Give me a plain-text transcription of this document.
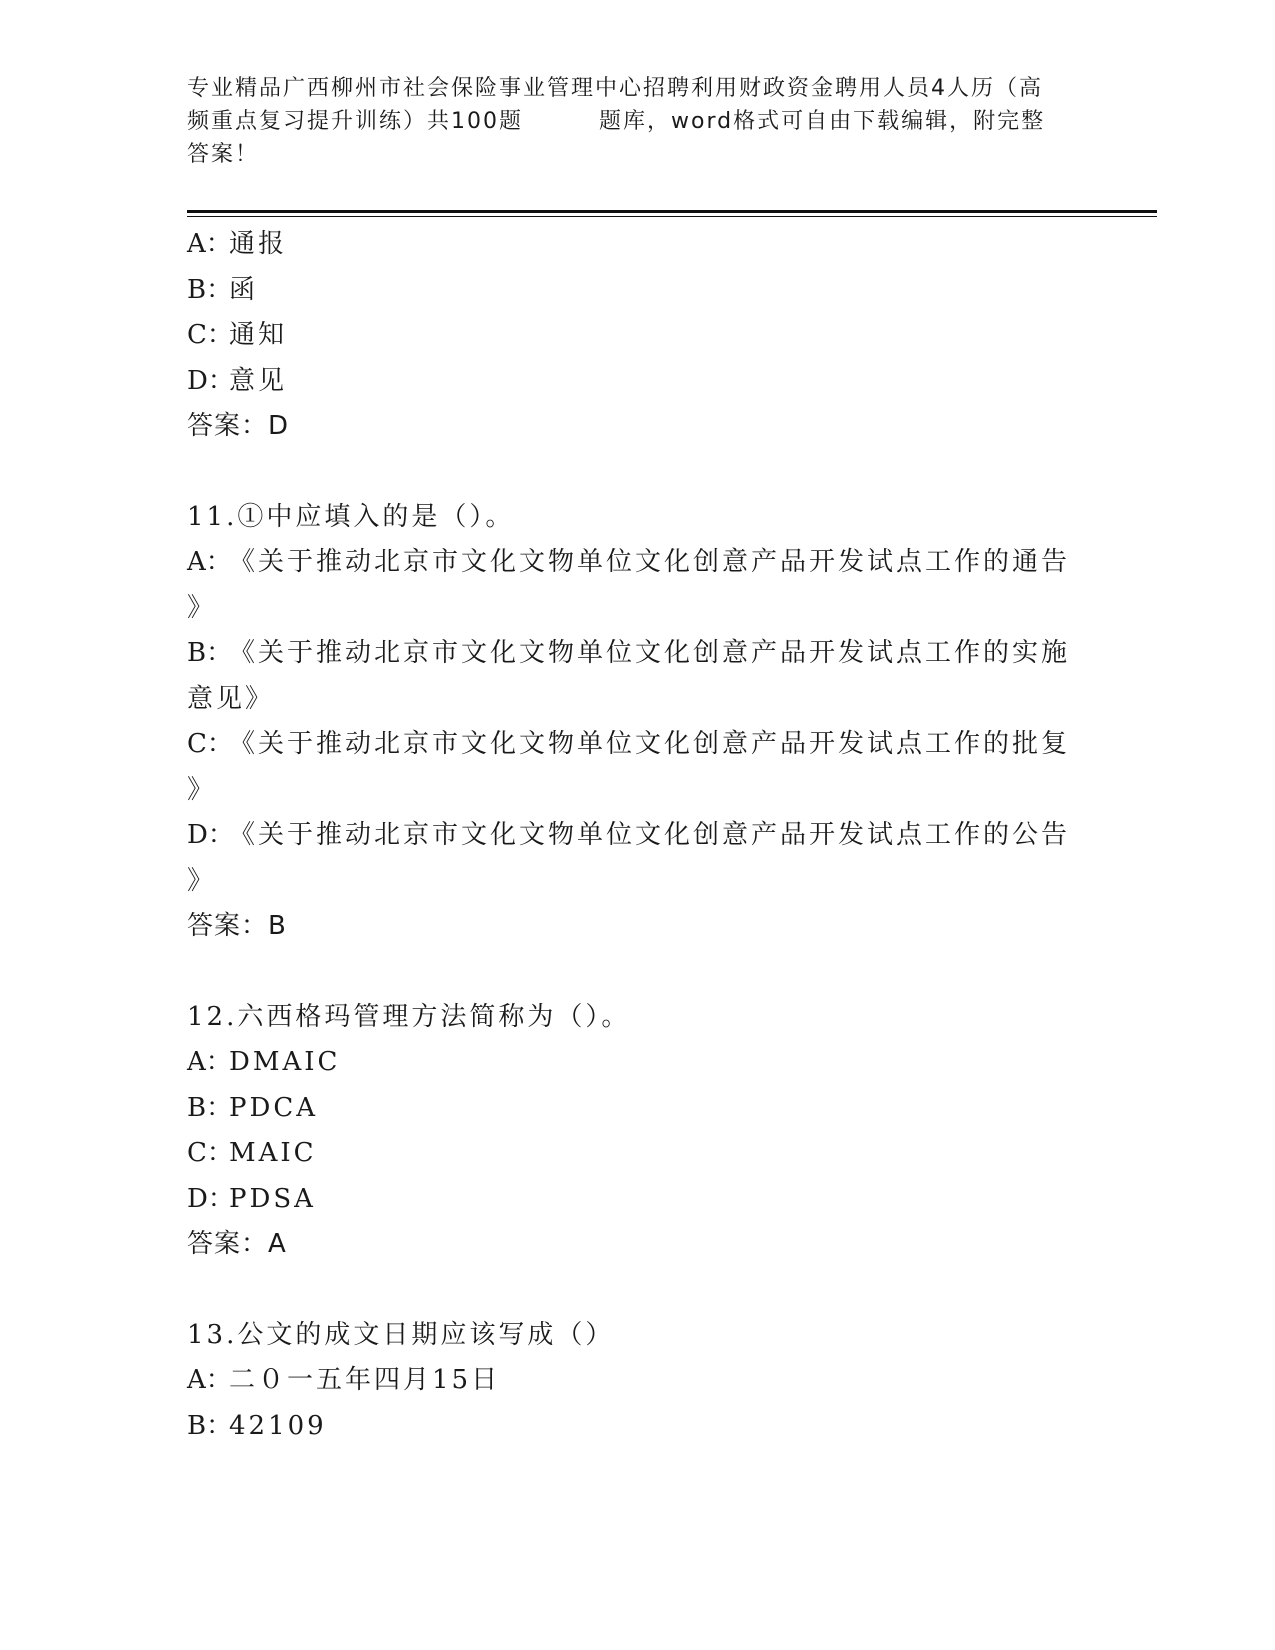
专业精品广西柳州市社会保险事业管理中心招聘利用财政资金聘用人员4人历（高
频重点复习提升训练）共100题	题库，word格式可自由下载编辑，附完整
答案！
A：通报
B：函
C：通知
D：意见
答案：D
11.①中应填入的是（）。
A：《关于推动北京市文化文物单位文化创意产品开发试点工作的通告
》
B：《关于推动北京市文化文物单位文化创意产品开发试点工作的实施
意见》
C：《关于推动北京市文化文物单位文化创意产品开发试点工作的批复
》
D：《关于推动北京市文化文物单位文化创意产品开发试点工作的公告
》
答案：B
12.六西格玛管理方法简称为（）。
A：DMAIC
B：PDCA
C：MAIC
D：PDSA
答案：A
13.公文的成文日期应该写成（）
A：二０一五年四月15日
B：42109
